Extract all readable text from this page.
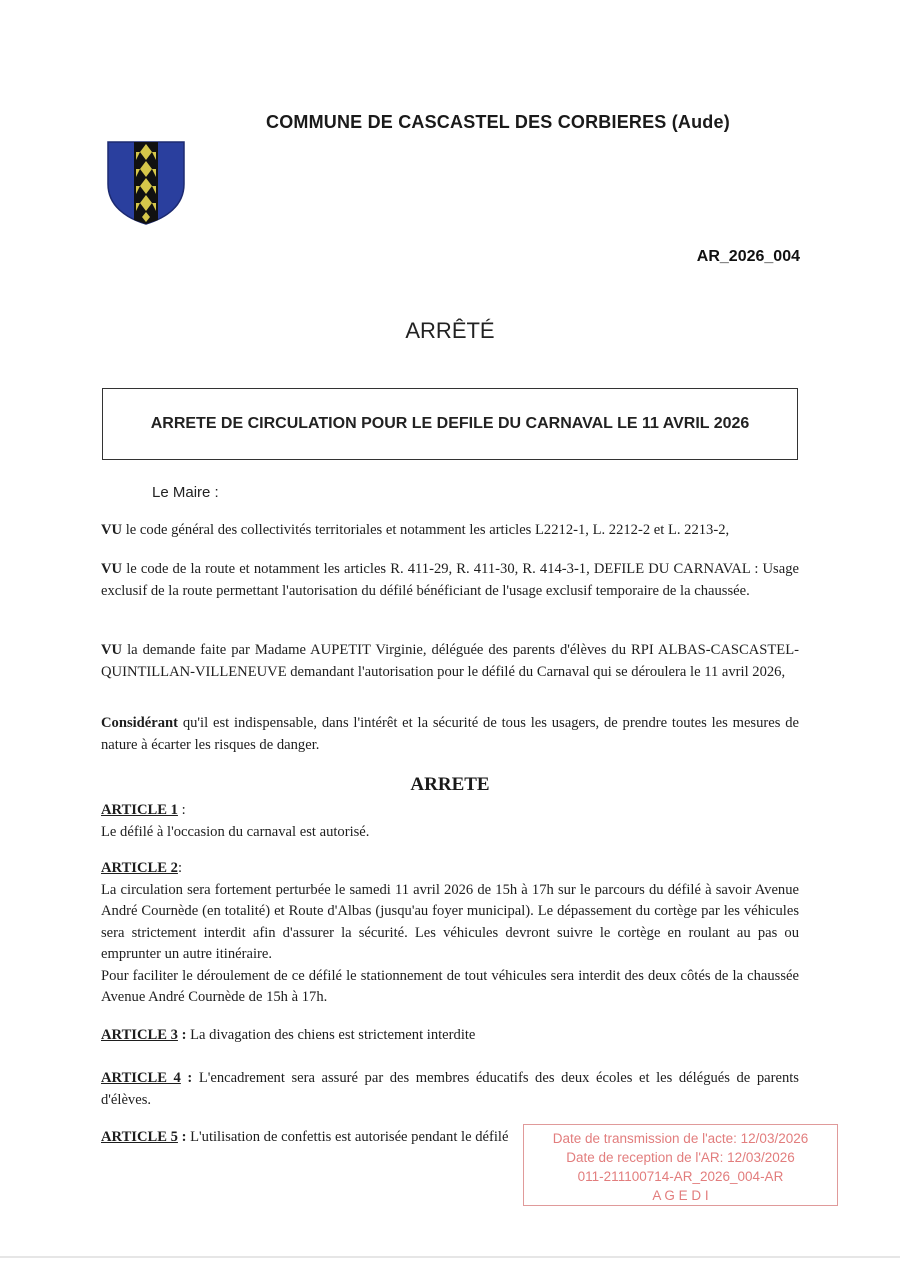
COMMUNE DE CASCASTEL DES CORBIERES (Aude)
AR_2026_004
ARRÊTÉ
ARRETE DE CIRCULATION POUR LE DEFILE DU CARNAVAL LE 11 AVRIL 2026
Le Maire :
VU le code général des collectivités territoriales et notamment les articles L2212-1, L. 2212-2 et L. 2213-2,
VU le code de la route et notamment les articles R. 411-29, R. 411-30, R. 414-3-1, DEFILE DU CARNAVAL : Usage exclusif de la route permettant l'autorisation du défilé bénéficiant de l'usage exclusif temporaire de la chaussée.
VU la demande faite par Madame AUPETIT Virginie, déléguée des parents d'élèves du RPI ALBAS-CASCASTEL-QUINTILLAN-VILLENEUVE demandant l'autorisation pour le défilé du Carnaval qui se déroulera le 11 avril 2026,
Considérant qu'il est indispensable, dans l'intérêt et la sécurité de tous les usagers, de prendre toutes les mesures de nature à écarter les risques de danger.
ARRETE
ARTICLE 1 :
Le défilé à l'occasion du carnaval est autorisé.
ARTICLE 2:
La circulation sera fortement perturbée le samedi 11 avril 2026 de 15h à 17h sur le parcours du défilé à savoir Avenue André Cournède (en totalité) et Route d'Albas (jusqu'au foyer municipal). Le dépassement du cortège par les véhicules sera strictement interdit afin d'assurer la sécurité. Les véhicules devront suivre le cortège en roulant au pas ou emprunter un autre itinéraire.
Pour faciliter le déroulement de ce défilé le stationnement de tout véhicules sera interdit des deux côtés de la chaussée Avenue André Cournède de 15h à 17h.
ARTICLE 3 : La divagation des chiens est strictement interdite
ARTICLE 4 : L'encadrement sera assuré par des membres éducatifs des deux écoles et les délégués de parents d'élèves.
ARTICLE 5 : L'utilisation de confettis est autorisée pendant le défilé	Date de transmission de l'acte: 12/03/2026
Date de reception de l'AR: 12/03/2026
011-211100714-AR_2026_004-AR
A G E D I
